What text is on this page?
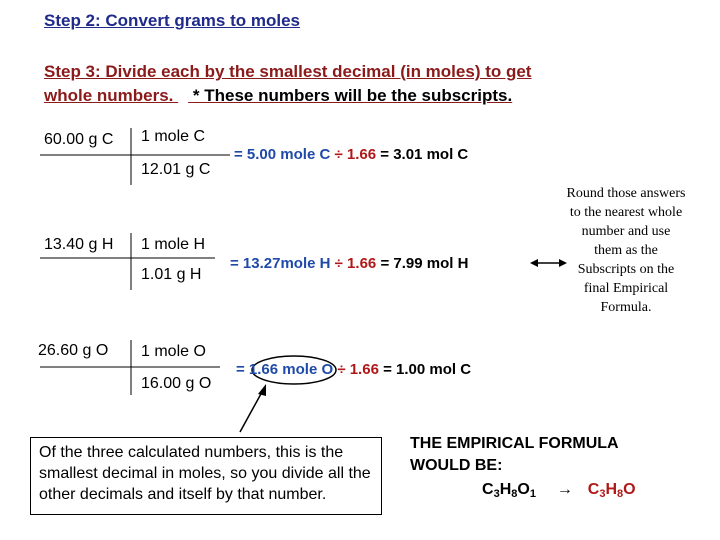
Step 2: Convert grams to moles
Step 3: Divide each by the smallest decimal (in moles) to get
whole numbers. * These numbers will be the subscripts.
60.00 g C 1 mole C
12.01 g C
= 5.00 mole C ÷ 1.66 = 3.01 mol C
13.40 g H 1 mole H
1.01 g H
= 13.27mole H ÷ 1.66 = 7.99 mol H
26.60 g O 1 mole O
16.00 g O
= 1.66 mole O ÷ 1.66 = 1.00 mol C
Round those answers to the nearest whole number and use them as the Subscripts on the final Empirical Formula.
Of the three calculated numbers, this is the smallest decimal in moles, so you divide all the other decimals and itself by that number.
THE EMPIRICAL FORMULA
WOULD BE:
$C_3H_8O_1 \to C_3H_8O$
